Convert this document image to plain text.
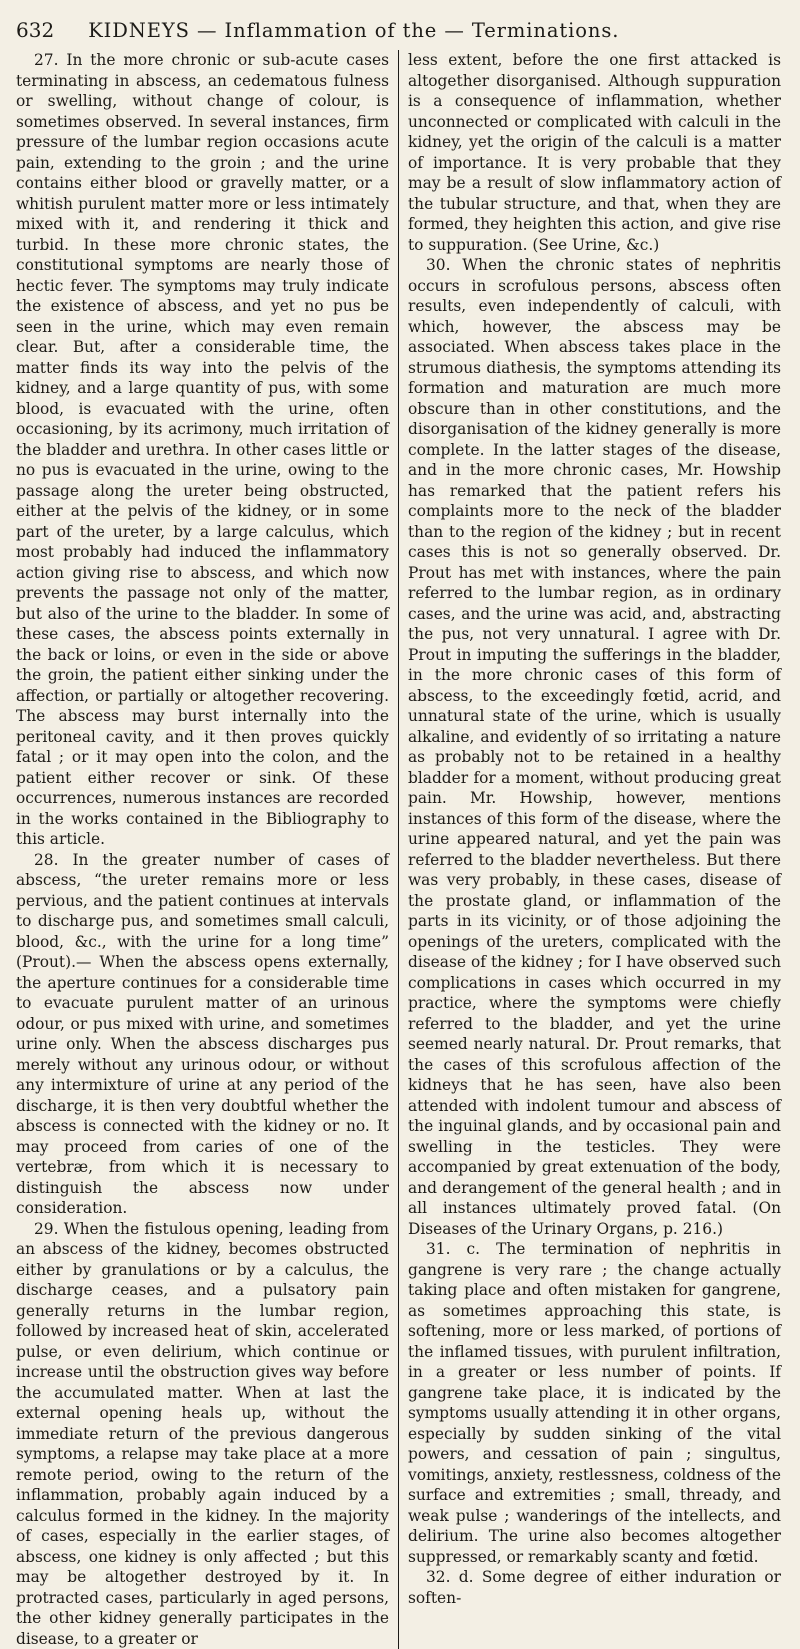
632 KIDNEYS — Inflammation of the — Terminations.

27. In the more chronic or sub-acute cases terminating in abscess, an cedematous fulness or swelling, without change of colour, is sometimes observed. In several instances, firm pressure of the lumbar region occasions acute pain, extending to the groin ; and the urine contains either blood or gravelly matter, or a whitish purulent matter more or less intimately mixed with it, and rendering it thick and turbid. In these more chronic states, the constitutional symptoms are nearly those of hectic fever. The symptoms may truly indicate the existence of abscess, and yet no pus be seen in the urine, which may even remain clear. But, after a considerable time, the matter finds its way into the pelvis of the kidney, and a large quantity of pus, with some blood, is evacuated with the urine, often occasioning, by its acrimony, much irritation of the bladder and urethra. In other cases little or no pus is evacuated in the urine, owing to the passage along the ureter being obstructed, either at the pelvis of the kidney, or in some part of the ureter, by a large calculus, which most probably had induced the inflammatory action giving rise to abscess, and which now prevents the passage not only of the matter, but also of the urine to the bladder. In some of these cases, the abscess points externally in the back or loins, or even in the side or above the groin, the patient either sinking under the affection, or partially or altogether recovering. The abscess may burst internally into the peritoneal cavity, and it then proves quickly fatal ; or it may open into the colon, and the patient either recover or sink. Of these occurrences, numerous instances are recorded in the works contained in the Bibliography to this article.

28. In the greater number of cases of abscess, “the ureter remains more or less pervious, and the patient continues at intervals to discharge pus, and sometimes small calculi, blood, &c., with the urine for a long time” (Prout).— When the abscess opens externally, the aperture continues for a considerable time to evacuate purulent matter of an urinous odour, or pus mixed with urine, and sometimes urine only. When the abscess discharges pus merely without any urinous odour, or without any intermixture of urine at any period of the discharge, it is then very doubtful whether the abscess is connected with the kidney or no. It may proceed from caries of one of the vertebræ, from which it is necessary to distinguish the abscess now under consideration.

29. When the fistulous opening, leading from an abscess of the kidney, becomes obstructed either by granulations or by a calculus, the discharge ceases, and a pulsatory pain generally returns in the lumbar region, followed by increased heat of skin, accelerated pulse, or even delirium, which continue or increase until the obstruction gives way before the accumulated matter. When at last the external opening heals up, without the immediate return of the previous dangerous symptoms, a relapse may take place at a more remote period, owing to the return of the inflammation, probably again induced by a calculus formed in the kidney. In the majority of cases, especially in the earlier stages, of abscess, one kidney is only affected ; but this may be altogether destroyed by it. In protracted cases, particularly in aged persons, the other kidney generally participates in the disease, to a greater or

less extent, before the one first attacked is altogether disorganised. Although suppuration is a consequence of inflammation, whether unconnected or complicated with calculi in the kidney, yet the origin of the calculi is a matter of importance. It is very probable that they may be a result of slow inflammatory action of the tubular structure, and that, when they are formed, they heighten this action, and give rise to suppuration. (See Urine, &c.)

30. When the chronic states of nephritis occurs in scrofulous persons, abscess often results, even independently of calculi, with which, however, the abscess may be associated. When abscess takes place in the strumous diathesis, the symptoms attending its formation and maturation are much more obscure than in other constitutions, and the disorganisation of the kidney generally is more complete. In the latter stages of the disease, and in the more chronic cases, Mr. Howship has remarked that the patient refers his complaints more to the neck of the bladder than to the region of the kidney ; but in recent cases this is not so generally observed. Dr. Prout has met with instances, where the pain referred to the lumbar region, as in ordinary cases, and the urine was acid, and, abstracting the pus, not very unnatural. I agree with Dr. Prout in imputing the sufferings in the bladder, in the more chronic cases of this form of abscess, to the exceedingly fœtid, acrid, and unnatural state of the urine, which is usually alkaline, and evidently of so irritating a nature as probably not to be retained in a healthy bladder for a moment, without producing great pain. Mr. Howship, however, mentions instances of this form of the disease, where the urine appeared natural, and yet the pain was referred to the bladder nevertheless. But there was very probably, in these cases, disease of the prostate gland, or inflammation of the parts in its vicinity, or of those adjoining the openings of the ureters, complicated with the disease of the kidney ; for I have observed such complications in cases which occurred in my practice, where the symptoms were chiefly referred to the bladder, and yet the urine seemed nearly natural. Dr. Prout remarks, that the cases of this scrofulous affection of the kidneys that he has seen, have also been attended with indolent tumour and abscess of the inguinal glands, and by occasional pain and swelling in the testicles. They were accompanied by great extenuation of the body, and derangement of the general health ; and in all instances ultimately proved fatal. (On Diseases of the Urinary Organs, p. 216.)

31. c. The termination of nephritis in gangrene is very rare ; the change actually taking place and often mistaken for gangrene, as sometimes approaching this state, is softening, more or less marked, of portions of the inflamed tissues, with purulent infiltration, in a greater or less number of points. If gangrene take place, it is indicated by the symptoms usually attending it in other organs, especially by sudden sinking of the vital powers, and cessation of pain ; singultus, vomitings, anxiety, restlessness, coldness of the surface and extremities ; small, thready, and weak pulse ; wanderings of the intellects, and delirium. The urine also becomes altogether suppressed, or remarkably scanty and fœtid.

32. d. Some degree of either induration or soften-
